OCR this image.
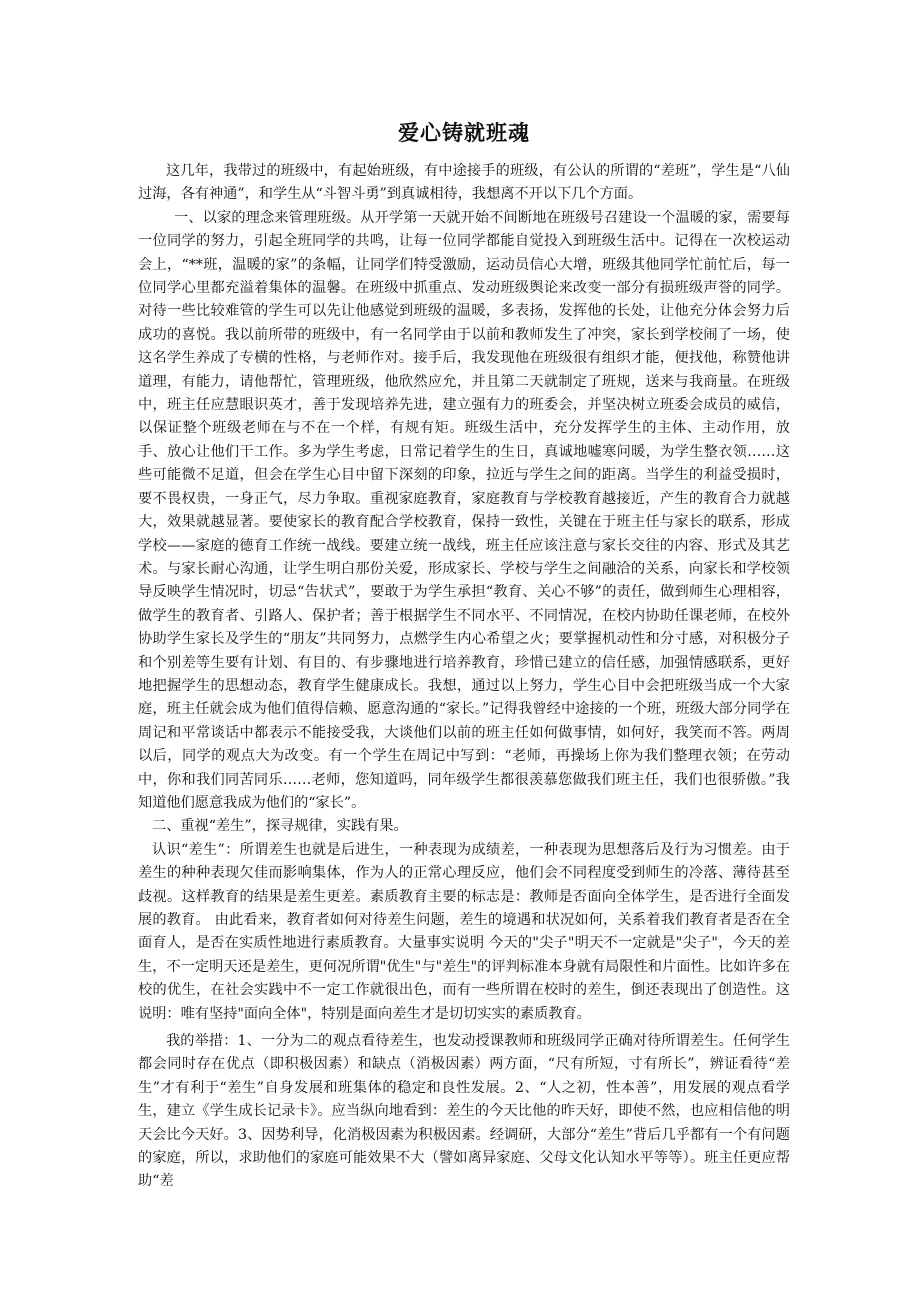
爱心铸就班魂

这几年，我带过的班级中，有起始班级，有中途接手的班级，有公认的所谓的“差班”，学生是“八仙过海，各有神通”，和学生从“斗智斗勇”到真诚相待，我想离不开以下几个方面。

一、以家的理念来管理班级。从开学第一天就开始不间断地在班级号召建设一个温暖的家，需要每一位同学的努力，引起全班同学的共鸣，让每一位同学都能自觉投入到班级生活中。记得在一次校运动会上，“**班，温暖的家”的条幅，让同学们特受激励，运动员信心大增，班级其他同学忙前忙后，每一位同学心里都充溢着集体的温馨。在班级中抓重点、发动班级舆论来改变一部分有损班级声誉的同学。对待一些比较难管的学生可以先让他感觉到班级的温暖，多表扬，发挥他的长处，让他充分体会努力后成功的喜悦。我以前所带的班级中，有一名同学由于以前和教师发生了冲突，家长到学校闹了一场，使这名学生养成了专横的性格，与老师作对。接手后，我发现他在班级很有组织才能，便找他，称赞他讲道理，有能力，请他帮忙，管理班级，他欣然应允，并且第二天就制定了班规，送来与我商量。在班级中，班主任应慧眼识英才，善于发现培养先进，建立强有力的班委会，并坚决树立班委会成员的威信，以保证整个班级老师在与不在一个样，有规有矩。班级生活中，充分发挥学生的主体、主动作用，放手、放心让他们干工作。多为学生考虑，日常记着学生的生日，真诚地嘘寒问暖，为学生整衣领……这些可能微不足道，但会在学生心目中留下深刻的印象，拉近与学生之间的距离。当学生的利益受损时，要不畏权贵，一身正气，尽力争取。重视家庭教育，家庭教育与学校教育越接近，产生的教育合力就越大，效果就越显著。要使家长的教育配合学校教育，保持一致性，关键在于班主任与家长的联系，形成学校——家庭的德育工作统一战线。要建立统一战线，班主任应该注意与家长交往的内容、形式及其艺术。与家长耐心沟通，让学生明白那份关爱，形成家长、学校与学生之间融洽的关系，向家长和学校领导反映学生情况时，切忌“告状式”，要敢于为学生承担“教育、关心不够”的责任，做到师生心理相容，做学生的教育者、引路人、保护者；善于根据学生不同水平、不同情况，在校内协助任课老师，在校外协助学生家长及学生的“朋友”共同努力，点燃学生内心希望之火；要掌握机动性和分寸感，对积极分子和个别差等生要有计划、有目的、有步骤地进行培养教育，珍惜已建立的信任感，加强情感联系，更好地把握学生的思想动态，教育学生健康成长。我想，通过以上努力，学生心目中会把班级当成一个大家庭，班主任就会成为他们值得信赖、愿意沟通的“家长。”记得我曾经中途接的一个班，班级大部分同学在周记和平常谈话中都表示不能接受我，大谈他们以前的班主任如何做事情，如何好，我笑而不答。两周以后，同学的观点大为改变。有一个学生在周记中写到：“老师，再操场上你为我们整理衣领；在劳动中，你和我们同苦同乐……老师，您知道吗，同年级学生都很羡慕您做我们班主任，我们也很骄傲。”我知道他们愿意我成为他们的“家长”。

二、重视“差生”，探寻规律，实践有果。

认识“差生”：所谓差生也就是后进生，一种表现为成绩差，一种表现为思想落后及行为习惯差。由于差生的种种表现欠佳而影响集体，作为人的正常心理反应，他们会不同程度受到师生的冷落、薄待甚至歧视。这样教育的结果是差生更差。素质教育主要的标志是：教师是否面向全体学生，是否进行全面发展的教育。 由此看来，教育者如何对待差生问题，差生的境遇和状况如何，关系着我们教育者是否在全面育人，是否在实质性地进行素质教育。大量事实说明 今天的"尖子"明天不一定就是"尖子"，今天的差生，不一定明天还是差生，更何况所谓"优生"与"差生"的评判标准本身就有局限性和片面性。比如许多在校的优生，在社会实践中不一定工作就很出色，而有一些所谓在校时的差生，倒还表现出了创造性。这说明：唯有坚持"面向全体"，特别是面向差生才是切切实实的素质教育。

我的举措：1、一分为二的观点看待差生，也发动授课教师和班级同学正确对待所谓差生。任何学生都会同时存在优点（即积极因素）和缺点（消极因素）两方面，“尺有所短，寸有所长”，辨证看待“差生”才有利于“差生”自身发展和班集体的稳定和良性发展。2、“人之初，性本善”，用发展的观点看学生，建立《学生成长记录卡》。应当纵向地看到：差生的今天比他的昨天好，即使不然，也应相信他的明天会比今天好。3、因势利导，化消极因素为积极因素。经调研，大部分“差生”背后几乎都有一个有问题的家庭，所以，求助他们的家庭可能效果不大（譬如离异家庭、父母文化认知水平等等）。班主任更应帮助“差
